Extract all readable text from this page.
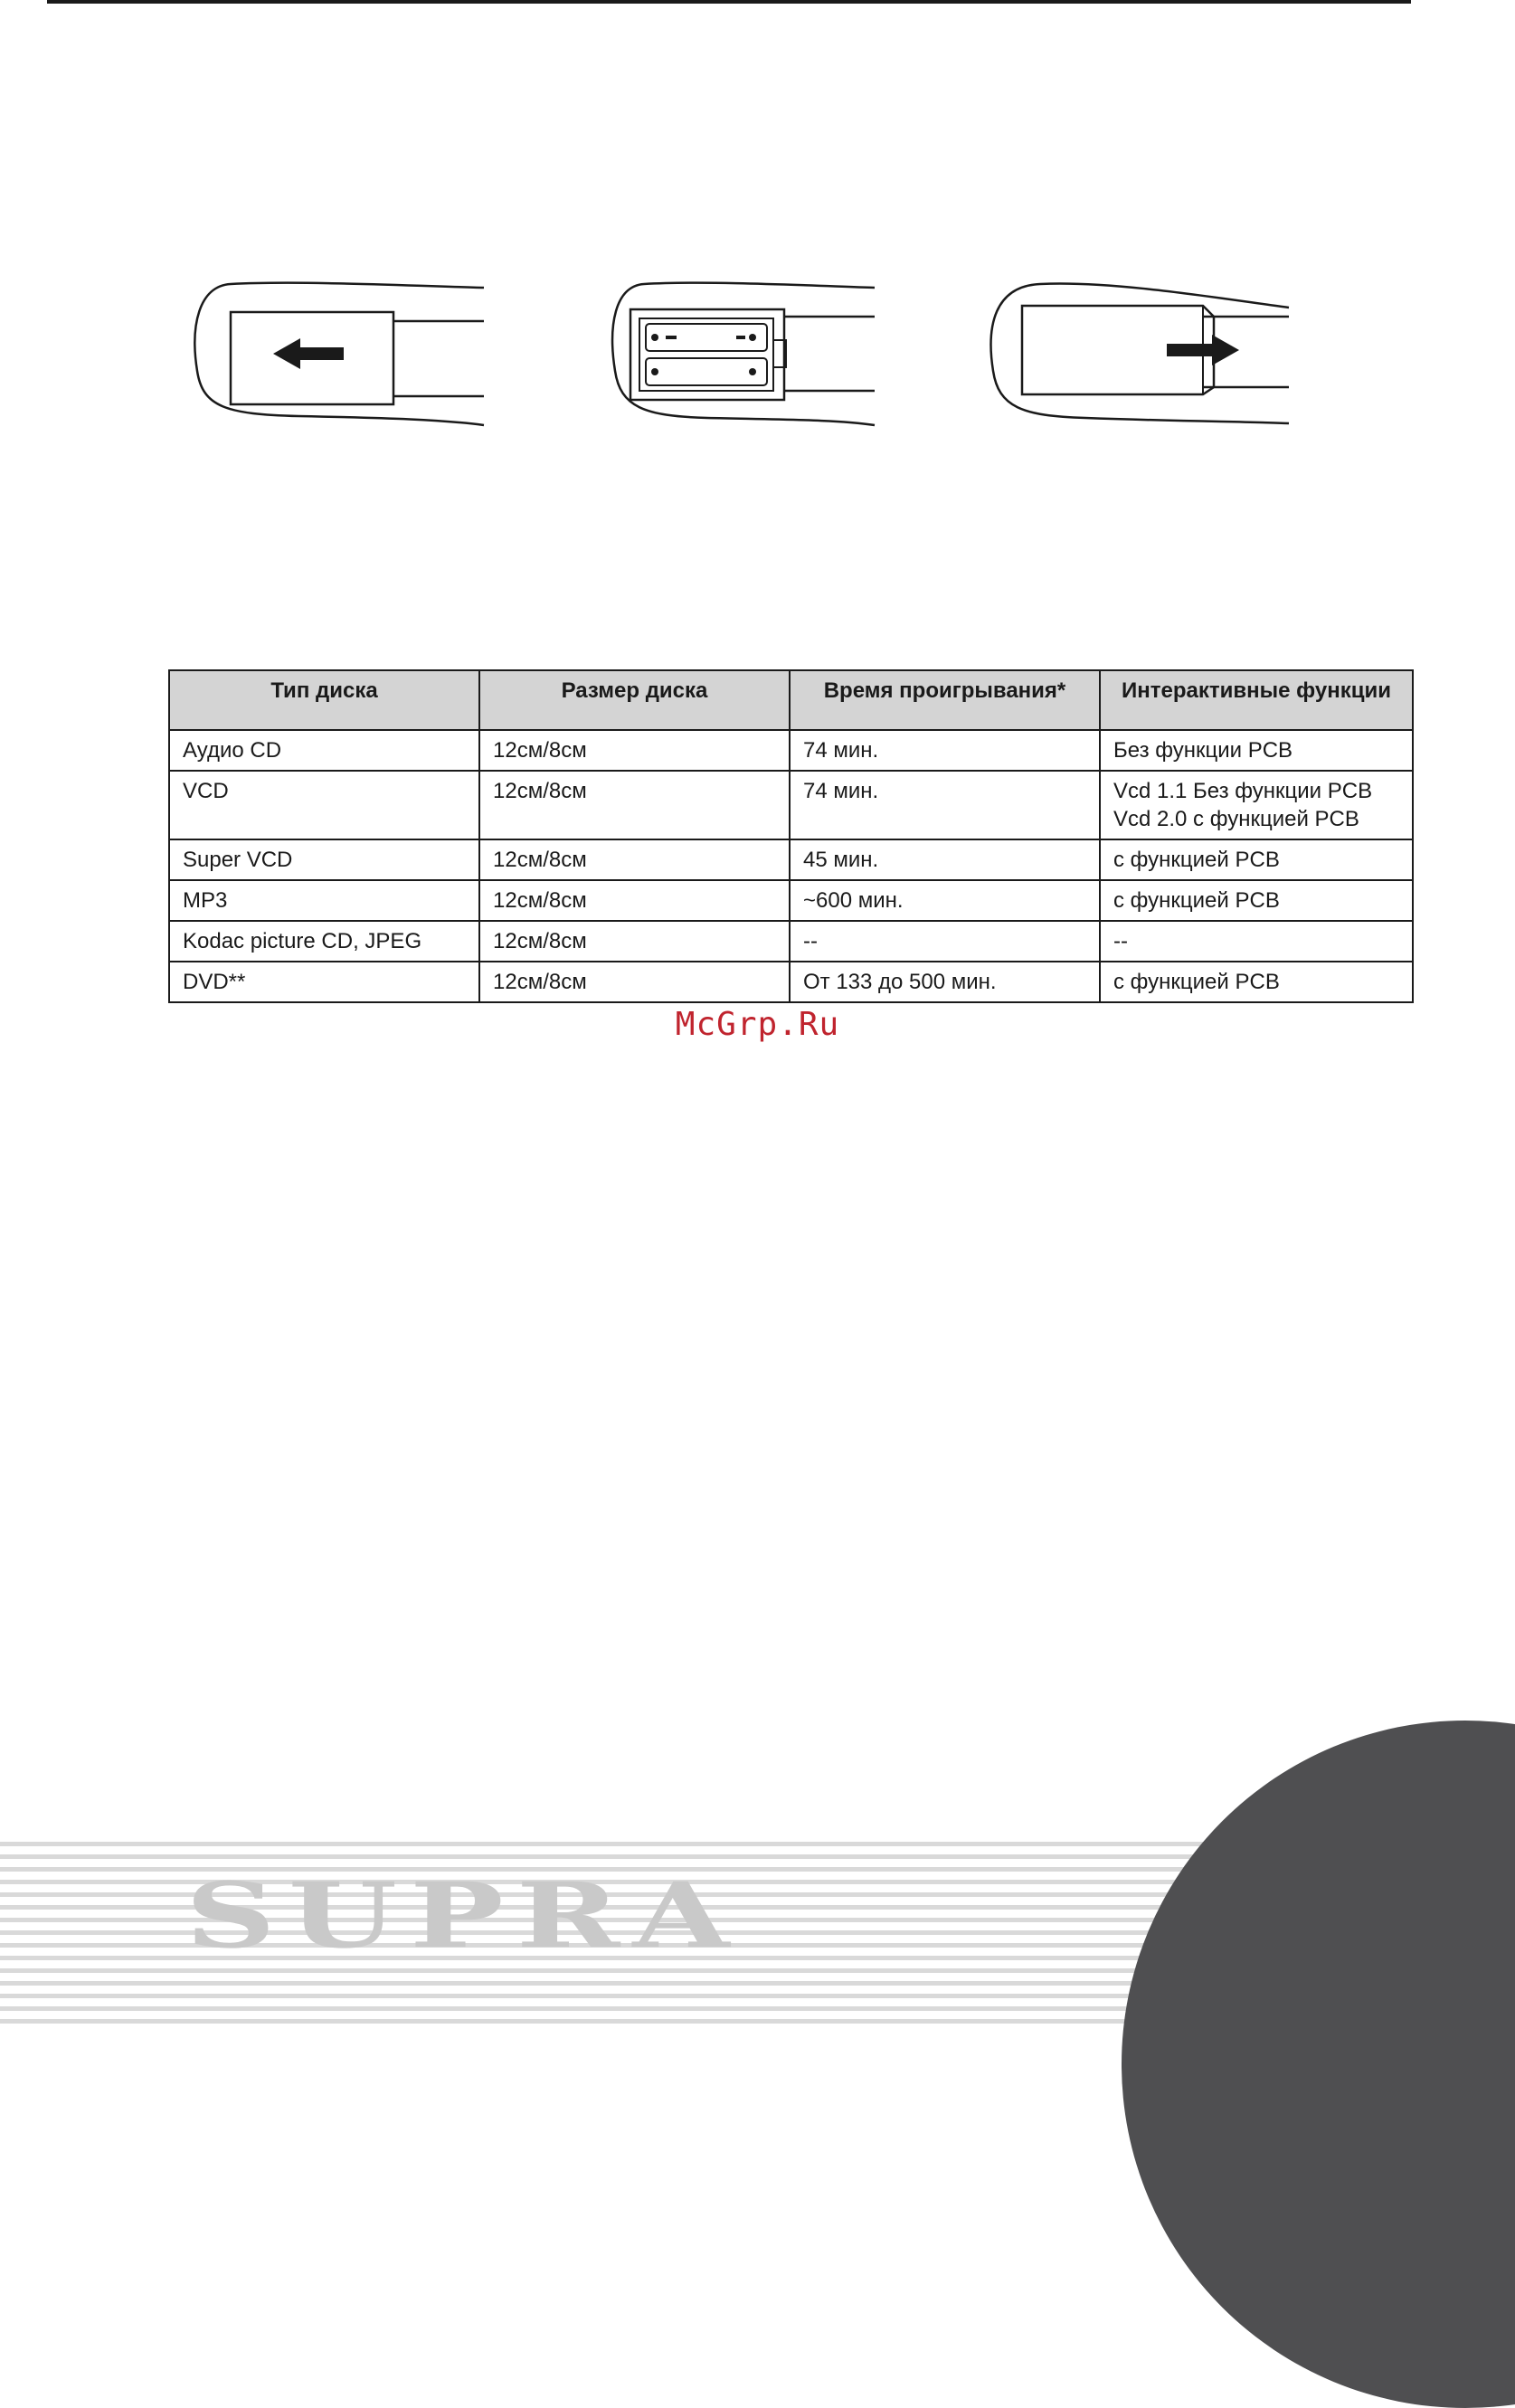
Тип диска	Размер диска	Время проигрывания*	Интерактивные функции
Аудио CD	12см/8см	74 мин.	Без функции PCB
VCD	12см/8см	74 мин.	Vcd 1.1 Без функции PCB
Vcd 2.0 с функцией PCB

Super VCD	12см/8см	45 мин.	с функцией PCB
MP3	12см/8см	~600 мин.	с функцией PCB
Kodac picture CD, JPEG	12см/8см	--	--
DVD**	12см/8см	От 133 до 500 мин.	с функцией PCB
McGrp.Ru
SUPRA
